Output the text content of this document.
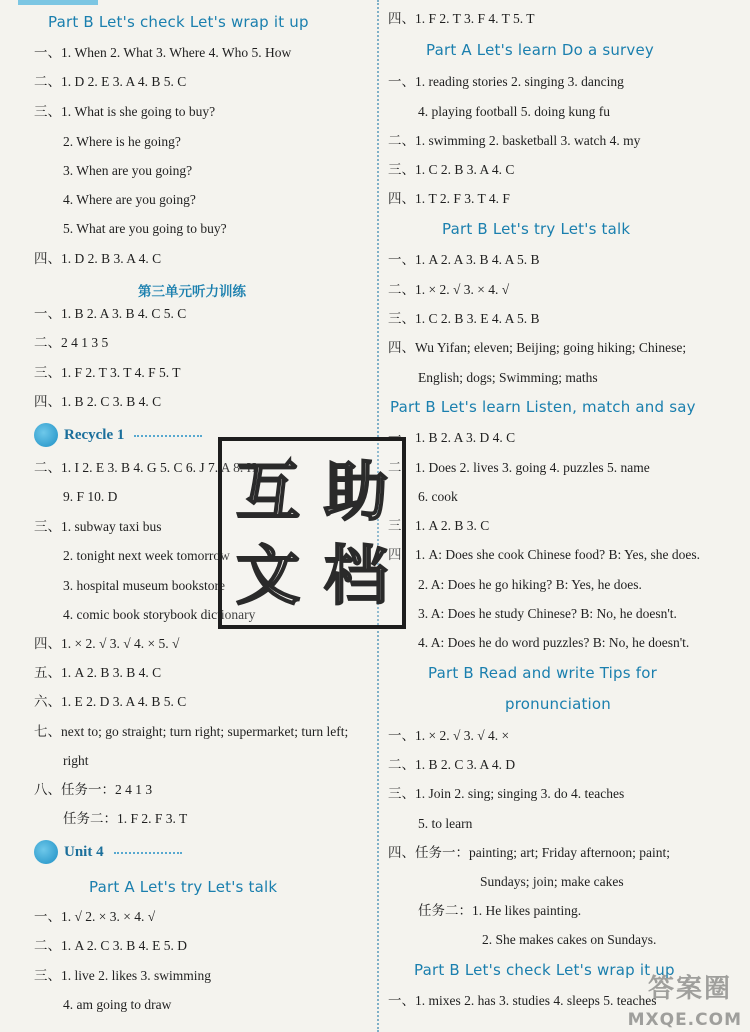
Part B Let's check Let's wrap it up
一、1. When 2. What 3. Where 4. Who 5. How
二、1. D 2. E 3. A 4. B 5. C
三、1. What is she going to buy?
2. Where is he going?
3. When are you going?
4. Where are you going?
5. What are you going to buy?
四、1. D 2. B 3. A 4. C
第三单元听力训练
一、1. B 2. A 3. B 4. C 5. C
二、2 4 1 3 5
三、1. F 2. T 3. T 4. F 5. T
四、1. B 2. C 3. B 4. C
Recycle 1
二、1. I 2. E 3. B 4. G 5. C 6. J 7. A 8. H
9. F 10. D
三、1. subway taxi bus
2. tonight next week tomorrow
3. hospital museum bookstore
4. comic book storybook dictionary
四、1. × 2. √ 3. √ 4. × 5. √
五、1. A 2. B 3. B 4. C
六、1. E 2. D 3. A 4. B 5. C
七、next to; go straight; turn right; supermarket; turn left;
right
八、任务一：2 4 1 3
任务二：1. F 2. F 3. T
Unit 4
Part A Let's try Let's talk
一、1. √ 2. × 3. × 4. √
二、1. A 2. C 3. B 4. E 5. D
三、1. live 2. likes 3. swimming
4. am going to draw
四、1. F 2. T 3. F 4. T 5. T
Part A Let's learn Do a survey
一、1. reading stories 2. singing 3. dancing
4. playing football 5. doing kung fu
二、1. swimming 2. basketball 3. watch 4. my
三、1. C 2. B 3. A 4. C
四、1. T 2. F 3. T 4. F
Part B Let's try Let's talk
一、1. A 2. A 3. B 4. A 5. B
二、1. × 2. √ 3. × 4. √
三、1. C 2. B 3. E 4. A 5. B
四、Wu Yifan; eleven; Beijing; going hiking; Chinese;
English; dogs; Swimming; maths
Part B Let's learn Listen, match and say
一、1. B 2. A 3. D 4. C
二、1. Does 2. lives 3. going 4. puzzles 5. name
6. cook
三、1. A 2. B 3. C
四、1. A: Does she cook Chinese food? B: Yes, she does.
2. A: Does he go hiking? B: Yes, he does.
3. A: Does he study Chinese? B: No, he doesn't.
4. A: Does he do word puzzles? B: No, he doesn't.
Part B Read and write Tips for
pronunciation
一、1. × 2. √ 3. √ 4. ×
二、1. B 2. C 3. A 4. D
三、1. Join 2. sing; singing 3. do 4. teaches
5. to learn
四、任务一：painting; art; Friday afternoon; paint;
Sundays; join; make cakes
任务二：1. He likes painting.
2. She makes cakes on Sundays.
Part B Let's check Let's wrap it up
一、1. mixes 2. has 3. studies 4. sleeps 5. teaches
互 助
文 档
答案圈
MXQE.COM
